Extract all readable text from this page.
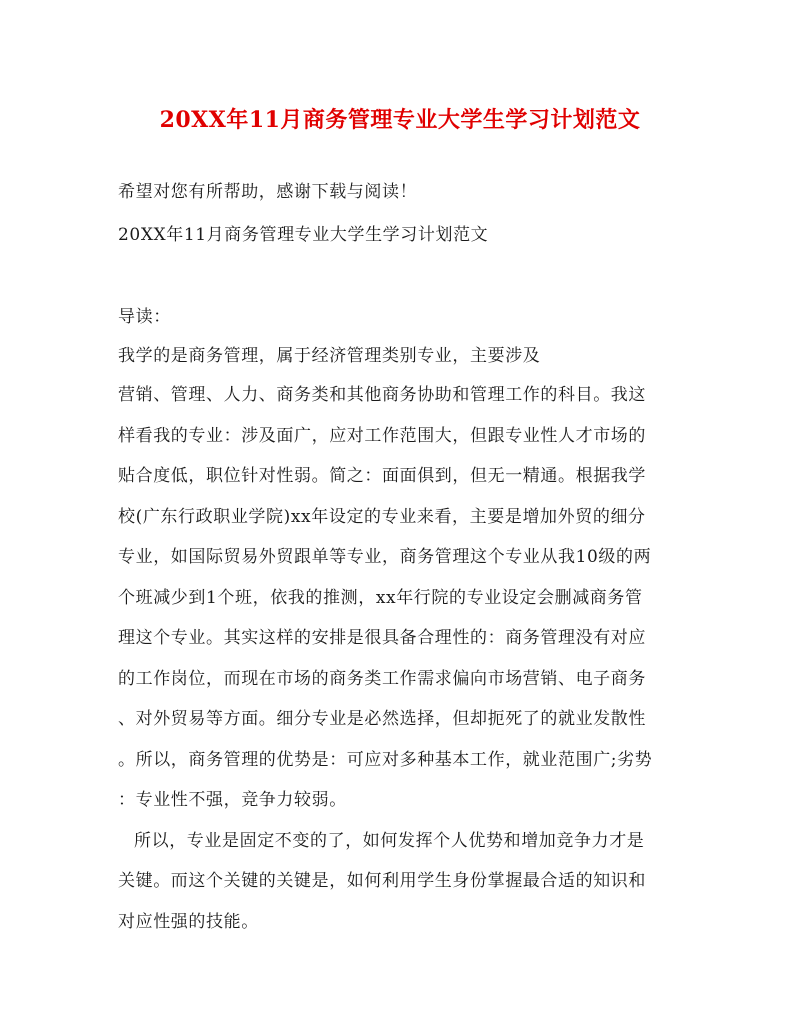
20XX年11月商务管理专业大学生学习计划范文
希望对您有所帮助，感谢下载与阅读！
20XX年11月商务管理专业大学生学习计划范文
导读：
我学的是商务管理，属于经济管理类别专业，主要涉及
营销、管理、人力、商务类和其他商务协助和管理工作的科目。我这
样看我的专业：涉及面广，应对工作范围大，但跟专业性人才市场的
贴合度低，职位针对性弱。简之：面面俱到，但无一精通。根据我学
校(广东行政职业学院)xx年设定的专业来看，主要是增加外贸的细分
专业，如国际贸易外贸跟单等专业，商务管理这个专业从我10级的两
个班减少到1个班，依我的推测，xx年行院的专业设定会删减商务管
理这个专业。其实这样的安排是很具备合理性的：商务管理没有对应
的工作岗位，而现在市场的商务类工作需求偏向市场营销、电子商务
、对外贸易等方面。细分专业是必然选择，但却扼死了的就业发散性
。所以，商务管理的优势是：可应对多种基本工作，就业范围广;劣势
：专业性不强，竞争力较弱。
所以，专业是固定不变的了，如何发挥个人优势和增加竞争力才是
关键。而这个关键的关键是，如何利用学生身份掌握最合适的知识和
对应性强的技能。
